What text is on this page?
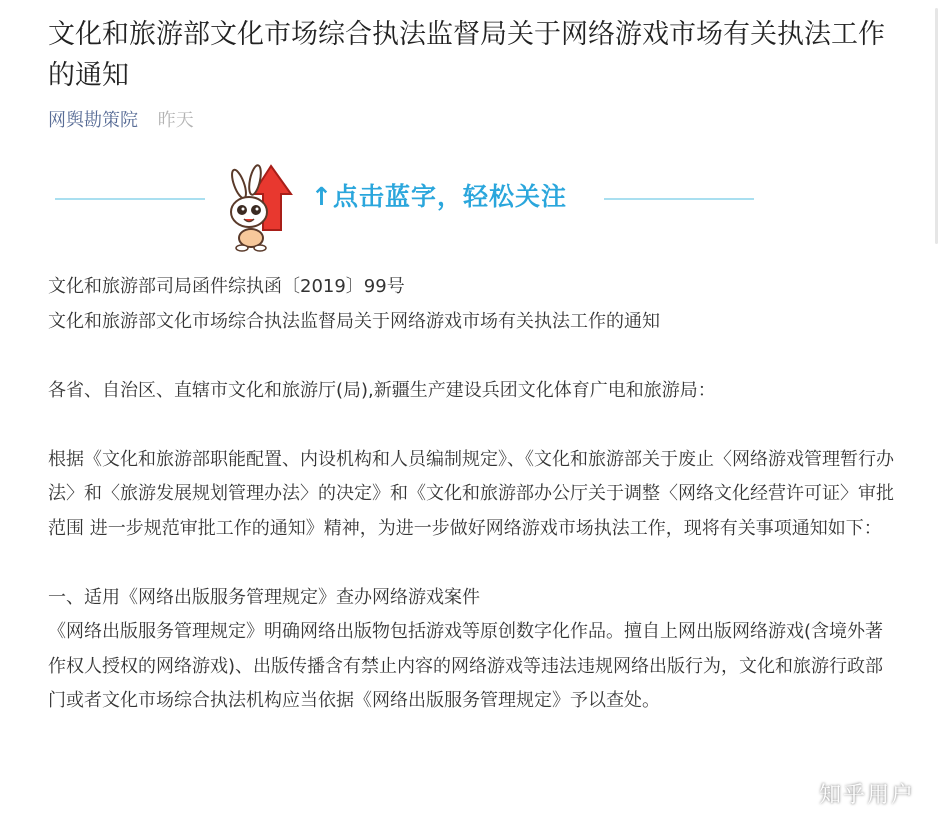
文化和旅游部文化市场综合执法监督局关于网络游戏市场有关执法工作的通知
网舆勘策院 昨天
↑点击蓝字，轻松关注

文化和旅游部司局函件综执函〔2019〕99号

文化和旅游部文化市场综合执法监督局关于网络游戏市场有关执法工作的通知

各省、自治区、直辖市文化和旅游厅(局),新疆生产建设兵团文化体育广电和旅游局：

根据《文化和旅游部职能配置、内设机构和人员编制规定》、《文化和旅游部关于废止〈网络游戏管理暂行办法〉和〈旅游发展规划管理办法〉的决定》和《文化和旅游部办公厅关于调整〈网络文化经营许可证〉审批范围 进一步规范审批工作的通知》精神，为进一步做好网络游戏市场执法工作，现将有关事项通知如下：

一、适用《网络出版服务管理规定》查办网络游戏案件

《网络出版服务管理规定》明确网络出版物包括游戏等原创数字化作品。擅自上网出版网络游戏(含境外著作权人授权的网络游戏)、出版传播含有禁止内容的网络游戏等违法违规网络出版行为，文化和旅游行政部门或者文化市场综合执法机构应当依据《网络出版服务管理规定》予以查处。

知乎用户
